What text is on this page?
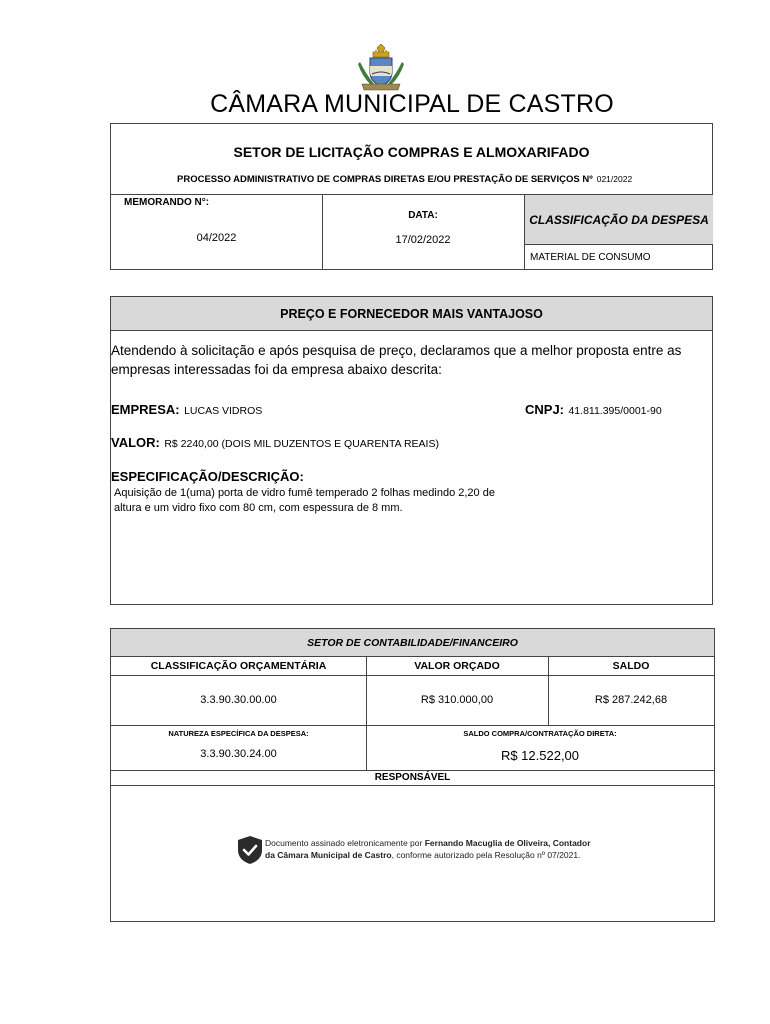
CÂMARA MUNICIPAL DE CASTRO
SETOR DE LICITAÇÃO COMPRAS E ALMOXARIFADO
PROCESSO ADMINISTRATIVO DE COMPRAS DIRETAS E/OU PRESTAÇÃO DE SERVIÇOS Nº 021/2022
MEMORANDO N°:
04/2022
DATA:
17/02/2022
CLASSIFICAÇÃO DA DESPESA
MATERIAL DE CONSUMO
PREÇO E FORNECEDOR MAIS VANTAJOSO
Atendendo à solicitação e após pesquisa de preço, declaramos que a melhor proposta entre as
empresas interessadas foi da empresa abaixo descrita:
EMPRESA: LUCAS VIDROS	CNPJ: 41.811.395/0001-90
VALOR: R$ 2240,00 (DOIS MIL DUZENTOS E QUARENTA REAIS)
ESPECIFICAÇÃO/DESCRIÇÃO:
Aquisição de 1(uma) porta de vidro fumê temperado 2 folhas medindo 2,20 de
altura e um vidro fixo com 80 cm, com espessura de 8 mm.
SETOR DE CONTABILIDADE/FINANCEIRO
CLASSIFICAÇÃO ORÇAMENTÁRIA	VALOR ORÇADO	SALDO
3.3.90.30.00.00	R$ 310.000,00	R$ 287.242,68
NATUREZA ESPECÍFICA DA DESPESA:
3.3.90.30.24.00
SALDO COMPRA/CONTRATAÇÃO DIRETA:
R$ 12.522,00
RESPONSÁVEL
Documento assinado eletronicamente por Fernando Macuglia de Oliveira, Contador
da Câmara Municipal de Castro, conforme autorizado pela Resolução nº 07/2021.
